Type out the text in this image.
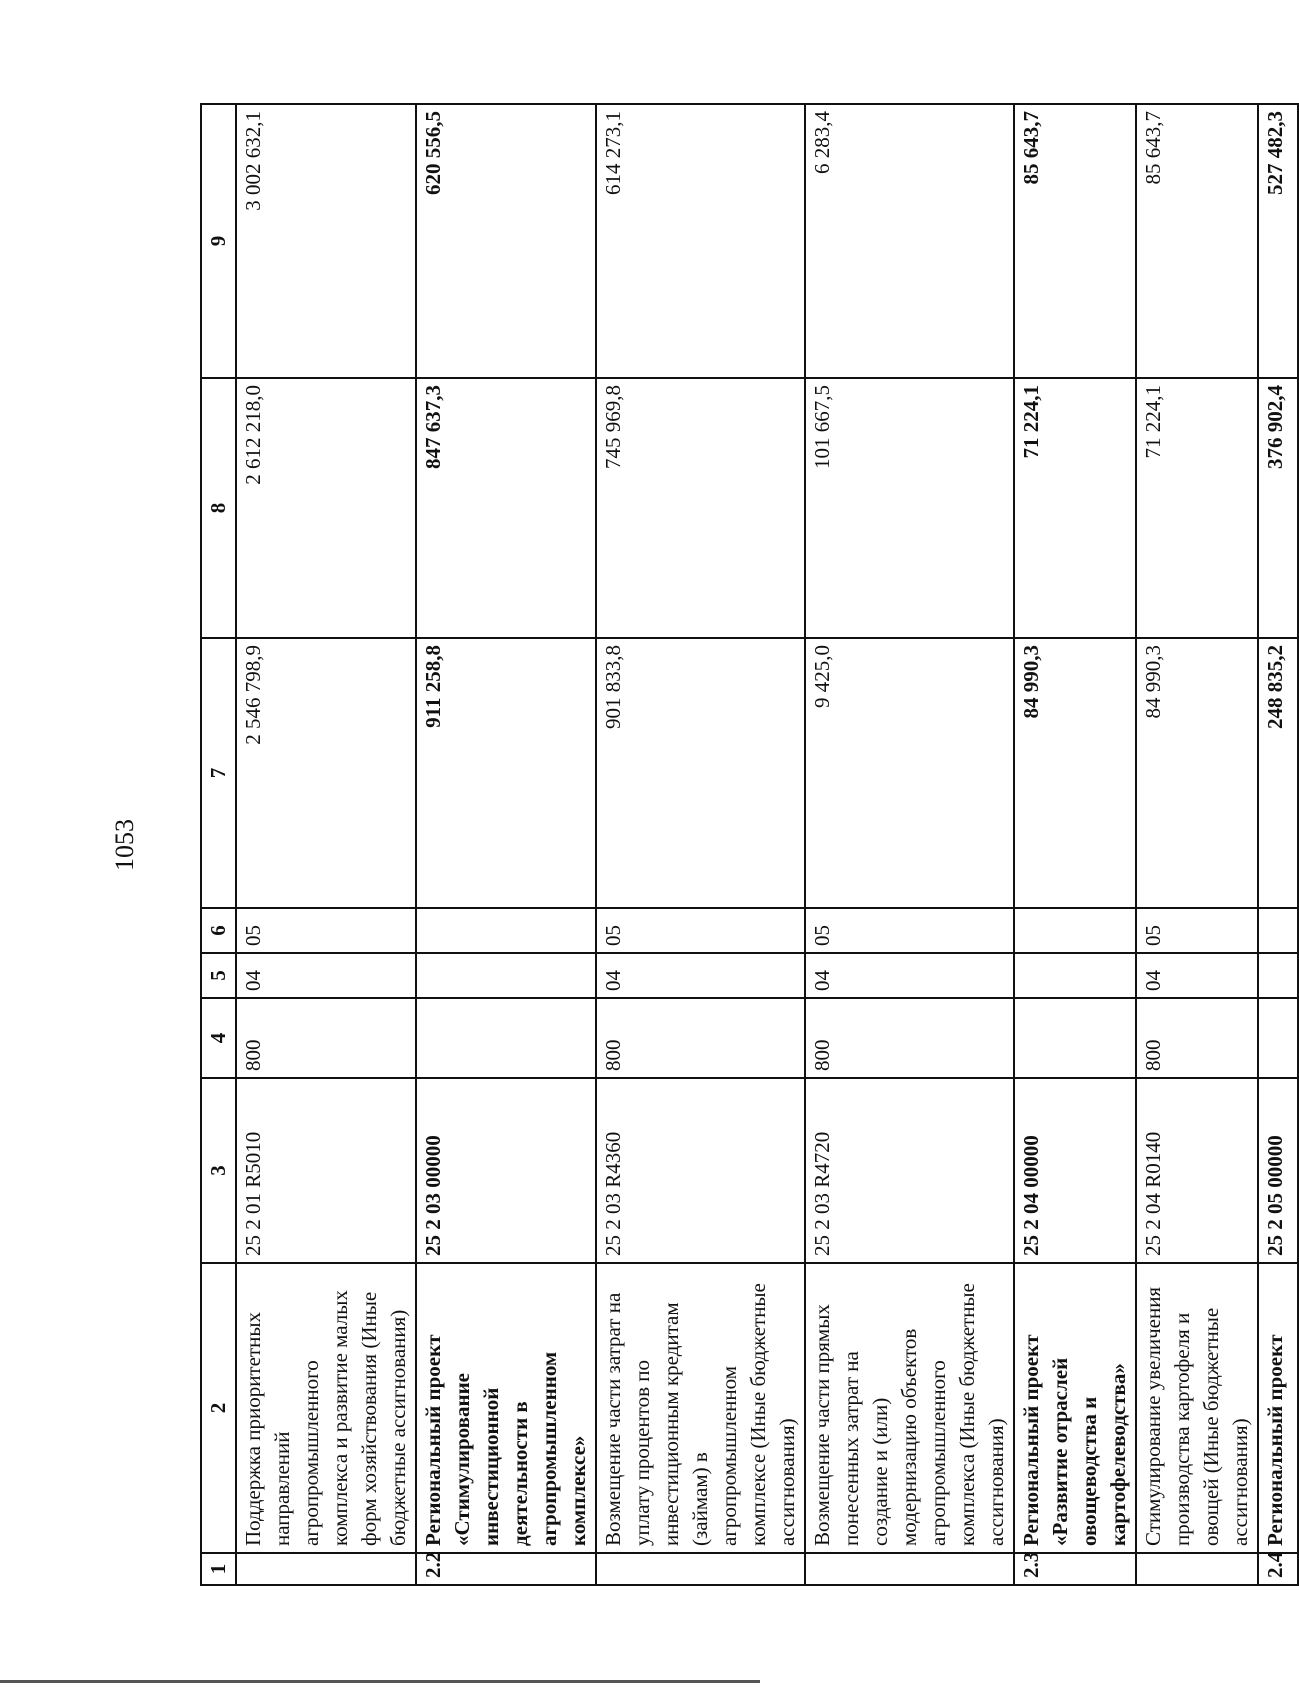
1053
1	2	3	4	5	6	7	8	9
	Поддержка приоритетных направлений агропромышленного комплекса и развитие малых форм хозяйствования (Иные бюджетные ассигнования)	25 2 01 R5010	800	04	05	2 546 798,9	2 612 218,0	3 002 632,1
2.2	Региональный проект «Стимулирование инвестиционной деятельности в агропромышленном комплексе»	25 2 03 00000				911 258,8	847 637,3	620 556,5
	Возмещение части затрат на уплату процентов по инвестиционным кредитам (займам) в агропромышленном комплексе (Иные бюджетные ассигнования)	25 2 03 R4360	800	04	05	901 833,8	745 969,8	614 273,1
	Возмещение части прямых понесенных затрат на создание и (или) модернизацию объектов агропромышленного комплекса (Иные бюджетные ассигнования)	25 2 03 R4720	800	04	05	9 425,0	101 667,5	6 283,4
2.3	Региональный проект «Развитие отраслей овощеводства и картофелеводства»	25 2 04 00000				84 990,3	71 224,1	85 643,7
	Стимулирование увеличения производства картофеля и овощей (Иные бюджетные ассигнования)	25 2 04 R0140	800	04	05	84 990,3	71 224,1	85 643,7
2.4	Региональный проект	25 2 05 00000				248 835,2	376 902,4	527 482,3
